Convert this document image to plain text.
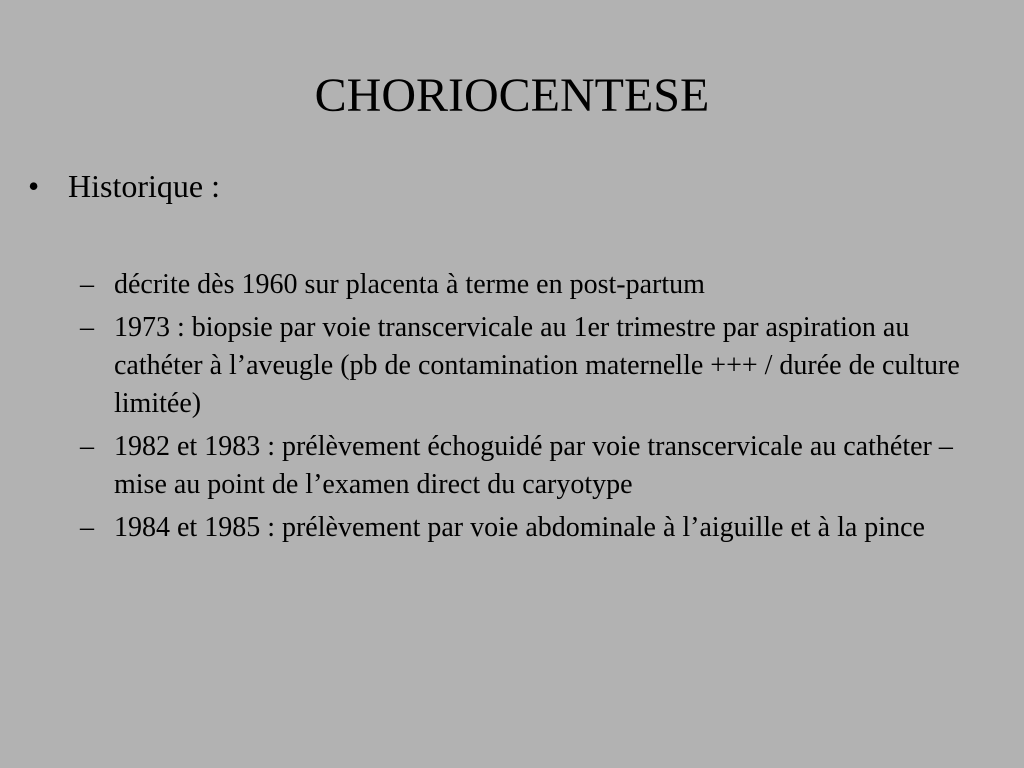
CHORIOCENTESE
• Historique :
– décrite dès 1960 sur placenta à terme en post-partum
– 1973 : biopsie par voie transcervicale au 1er trimestre par aspiration au cathéter à l’aveugle (pb de contamination maternelle +++ / durée de culture limitée)
– 1982 et 1983 : prélèvement échoguidé par voie transcervicale au cathéter – mise au point de l’examen direct du caryotype
– 1984 et 1985 : prélèvement par voie abdominale à l’aiguille et à la pince
